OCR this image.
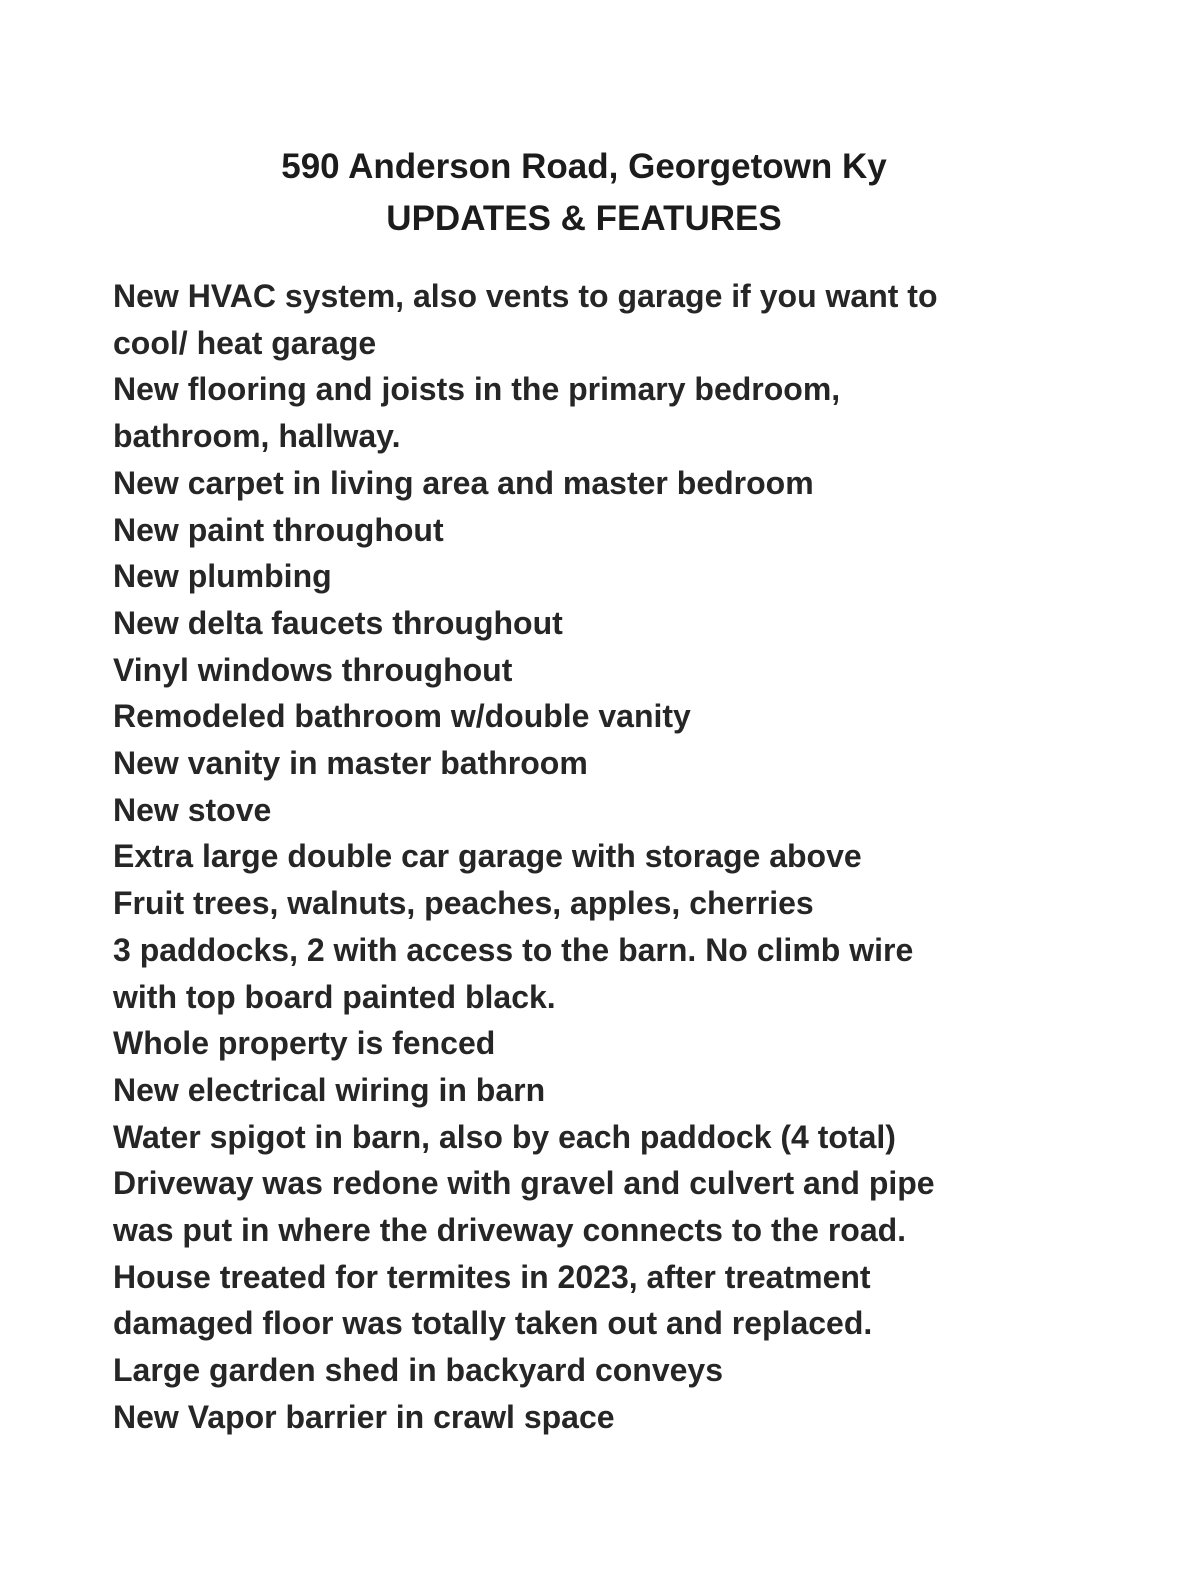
590 Anderson Road, Georgetown Ky
UPDATES & FEATURES
New HVAC system, also vents to garage if you want to
cool/ heat garage
New flooring and joists in the primary bedroom,
bathroom, hallway.
New carpet in living area and master bedroom
New paint throughout
New plumbing
New delta faucets throughout
Vinyl windows throughout
Remodeled bathroom w/double vanity
New vanity in master bathroom
New stove
Extra large double car garage with storage above
Fruit trees, walnuts, peaches, apples, cherries
3 paddocks, 2 with access to the barn. No climb wire
with top board painted black.
Whole property is fenced
New electrical wiring in barn
Water spigot in barn, also by each paddock (4 total)
Driveway was redone with gravel and culvert and pipe
was put in where the driveway connects to the road.
House treated for termites in 2023, after treatment
damaged floor was totally taken out and replaced.
Large garden shed in backyard conveys
New Vapor barrier in crawl space
